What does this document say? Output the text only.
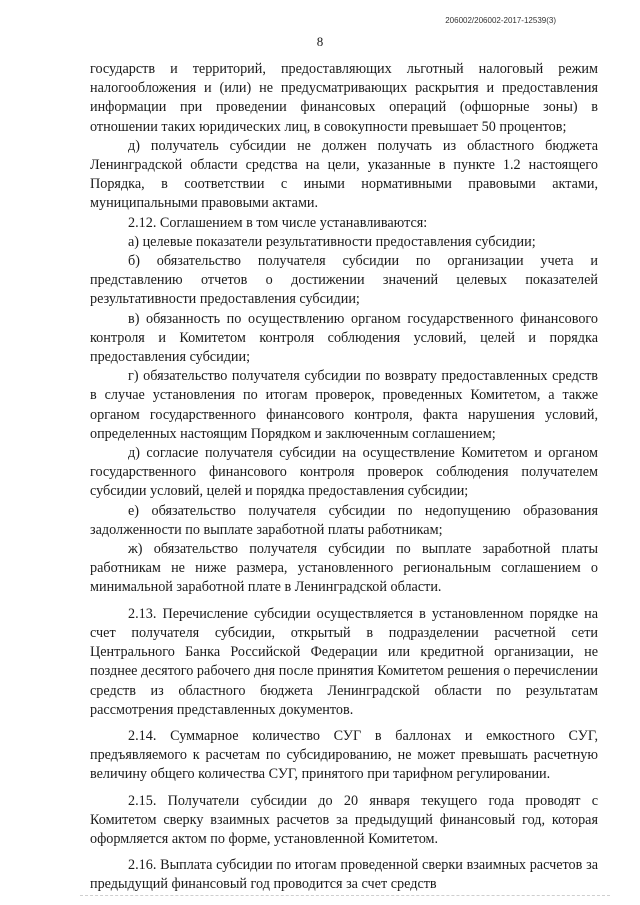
206002/206002-2017-12539(3)
8

государств и территорий, предоставляющих льготный налоговый режим налогообложения и (или) не предусматривающих раскрытия и предоставления информации при проведении финансовых операций (офшорные зоны) в отношении таких юридических лиц, в совокупности превышает 50 процентов;

д) получатель субсидии не должен получать из областного бюджета Ленинградской области средства на цели, указанные в пункте 1.2 настоящего Порядка, в соответствии с иными нормативными правовыми актами, муниципальными правовыми актами.

2.12. Соглашением в том числе устанавливаются:

а) целевые показатели результативности предоставления субсидии;

б) обязательство получателя субсидии по организации учета и представлению отчетов о достижении значений целевых показателей результативности предоставления субсидии;

в) обязанность по осуществлению органом государственного финансового контроля и Комитетом контроля соблюдения условий, целей и порядка предоставления субсидии;

г) обязательство получателя субсидии по возврату предоставленных средств в случае установления по итогам проверок, проведенных Комитетом, а также органом государственного финансового контроля, факта нарушения условий, определенных настоящим Порядком и заключенным соглашением;

д) согласие получателя субсидии на осуществление Комитетом и органом государственного финансового контроля проверок соблюдения получателем субсидии условий, целей и порядка предоставления субсидии;

е) обязательство получателя субсидии по недопущению образования задолженности по выплате заработной платы работникам;

ж) обязательство получателя субсидии по выплате заработной платы работникам не ниже размера, установленного региональным соглашением о минимальной заработной плате в Ленинградской области.

2.13. Перечисление субсидии осуществляется в установленном порядке на счет получателя субсидии, открытый в подразделении расчетной сети Центрального Банка Российской Федерации или кредитной организации, не позднее десятого рабочего дня после принятия Комитетом решения о перечислении средств из областного бюджета Ленинградской области по результатам рассмотрения представленных документов.

2.14. Суммарное количество СУГ в баллонах и емкостного СУГ, предъявляемого к расчетам по субсидированию, не может превышать расчетную величину общего количества СУГ, принятого при тарифном регулировании.

2.15. Получатели субсидии до 20 января текущего года проводят с Комитетом сверку взаимных расчетов за предыдущий финансовый год, которая оформляется актом по форме, установленной Комитетом.

2.16. Выплата субсидии по итогам проведенной сверки взаимных расчетов за предыдущий финансовый год проводится за счет средств
